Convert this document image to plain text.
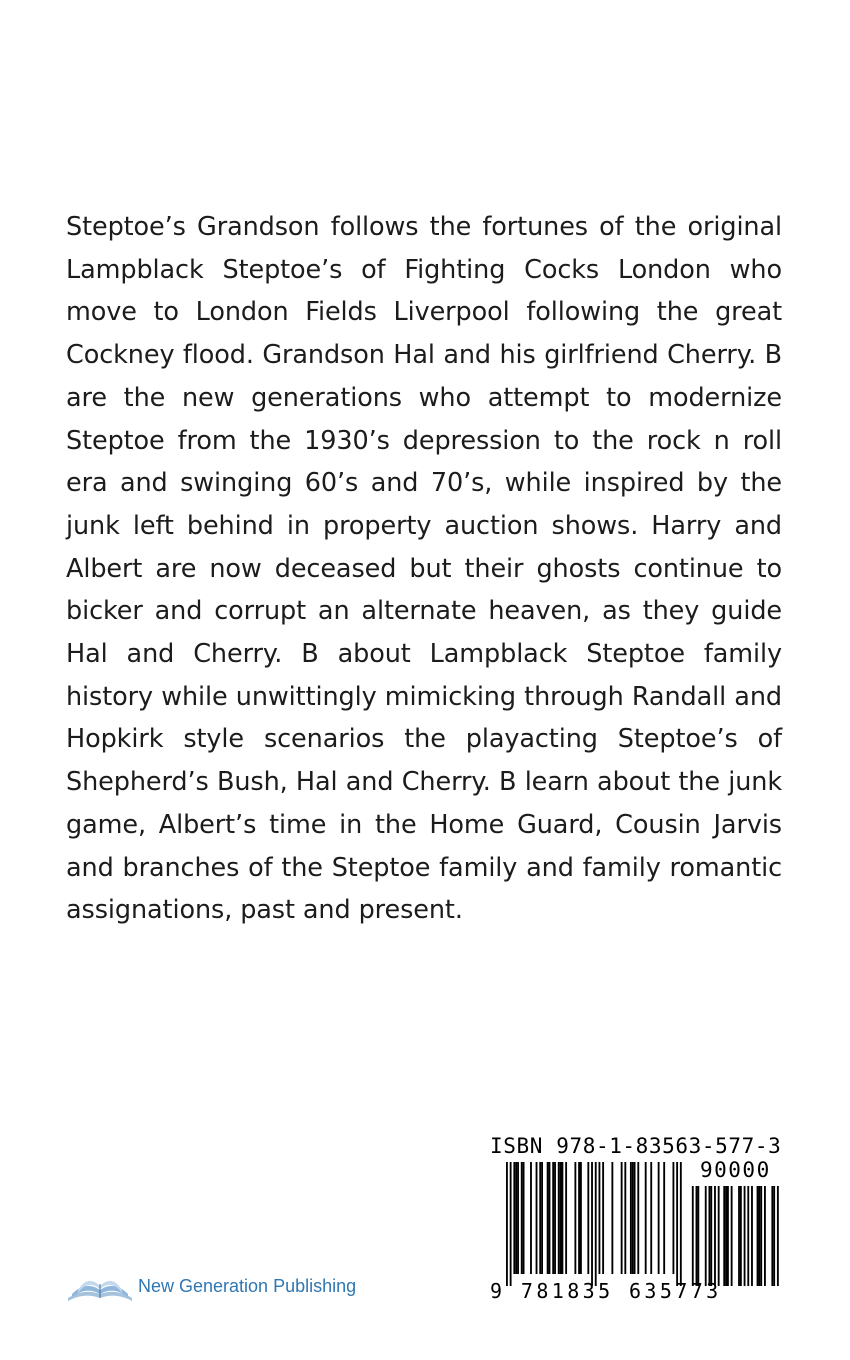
Steptoe’s Grandson follows the fortunes of the original Lampblack Steptoe’s of Fighting Cocks London who move to London Fields Liverpool following the great Cockney flood. Grandson Hal and his girlfriend Cherry. B are the new generations who attempt to modernize Steptoe from the 1930’s depression to the rock n roll era and swinging 60’s and 70’s, while inspired by the junk left behind in property auction shows. Harry and Albert are now deceased but their ghosts continue to bicker and corrupt an alternate heaven, as they guide Hal and Cherry. B about Lampblack Steptoe family history while unwittingly mimicking through Randall and Hopkirk style scenarios the playacting Steptoe’s of Shepherd’s Bush, Hal and Cherry. B learn about the junk game, Albert’s time in the Home Guard, Cousin Jarvis and branches of the Steptoe family and family romantic assignations, past and present.

ISBN 978-1-83563-577-3
90000
9 781835 635773
New Generation Publishing
